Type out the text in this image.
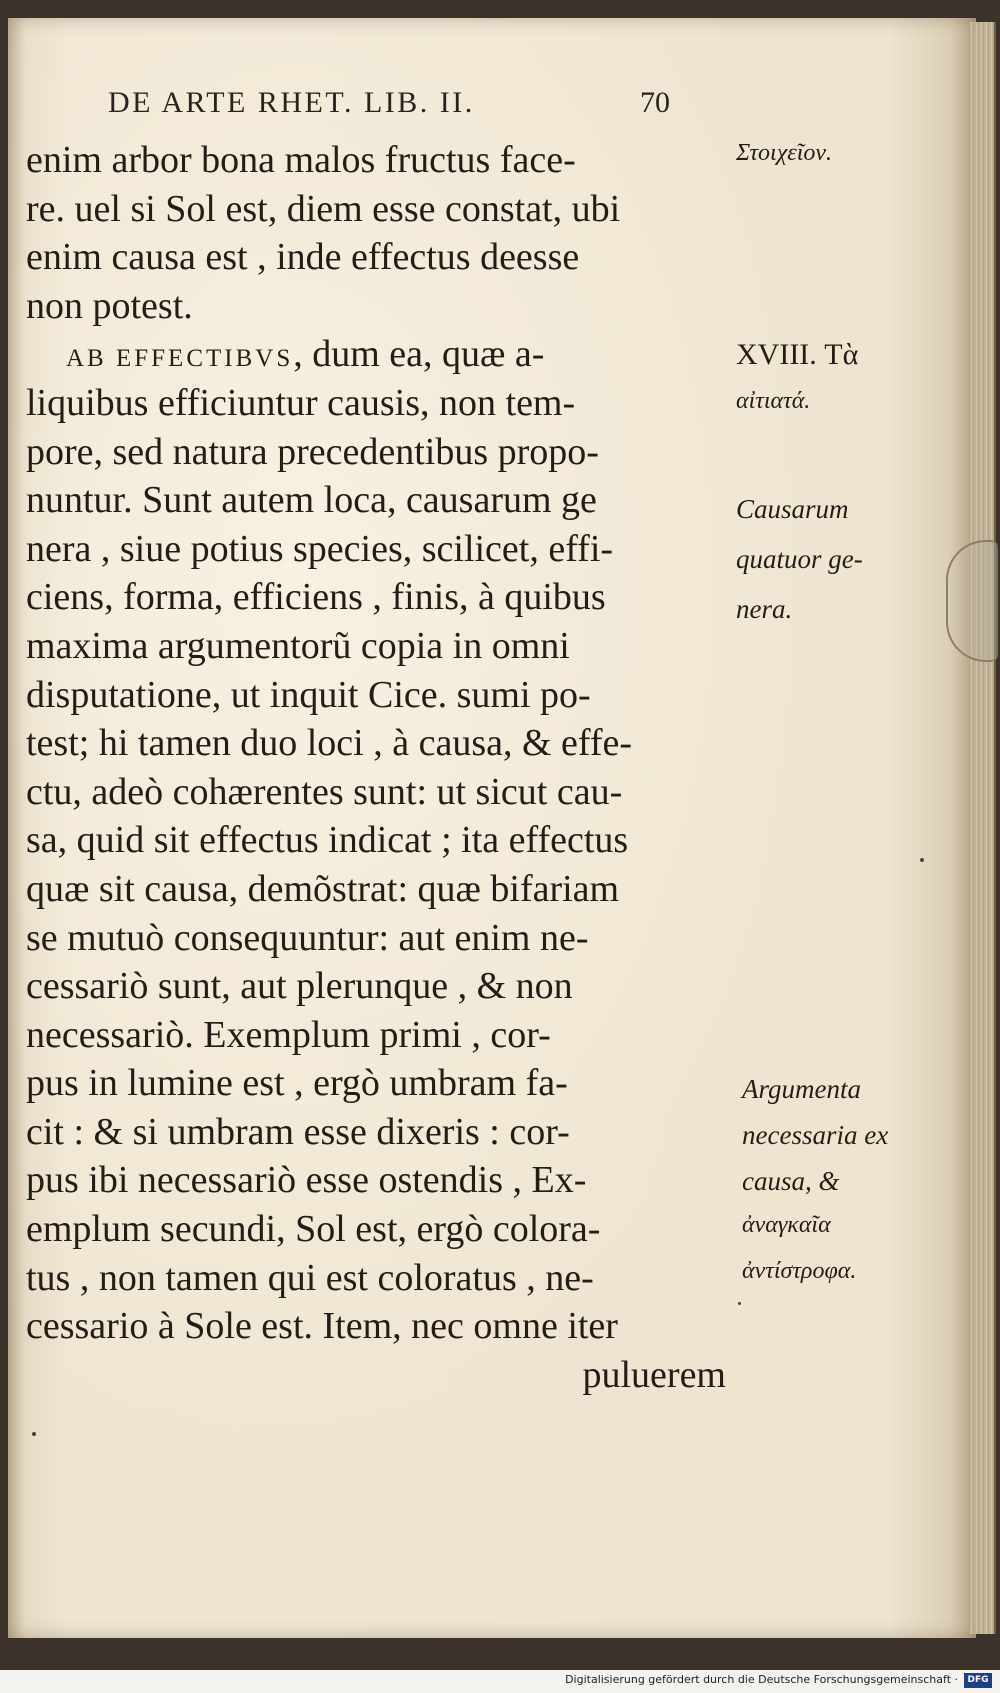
DE ARTE RHET. LIB. II.	70
enim arbor bona malos fructus face-
re. uel si Sol est, diem esse constat, ubi
enim causa est , inde effectus deesse
non potest.
AB EFFECTIBVS, dum ea, quæ a-
liquibus efficiuntur causis, non tem-
pore, sed natura precedentibus propo-
nuntur. Sunt autem loca, causarum ge
nera , siue potius species, scilicet, effi-
ciens, forma, efficiens , finis, à quibus
maxima argumentorũ copia in omni
disputatione, ut inquit Cice. sumi po-
test; hi tamen duo loci , à causa, & effe-
ctu, adeò cohærentes sunt: ut sicut cau-
sa, quid sit effectus indicat ; ita effectus
quæ sit causa, demõstrat: quæ bifariam
se mutuò consequuntur: aut enim ne-
cessariò sunt, aut plerunque , & non
necessariò. Exemplum primi , cor-
pus in lumine est , ergò umbram fa-
cit : & si umbram esse dixeris : cor-
pus ibi necessariò esse ostendis , Ex-
emplum secundi, Sol est, ergò colora-
tus , non tamen qui est coloratus , ne-
cessario à Sole est. Item, nec omne iter
puluerem
Στοιχεῖον.
XVIII. Τὰ
αἰτιατά.
Causarum
quatuor ge-
nera.
Argumenta
necessaria ex
causa, &
ἀναγκαῖα
ἀντίστροφα.
Digitalisierung gefördert durch die Deutsche Forschungsgemeinschaft ·	DFG
